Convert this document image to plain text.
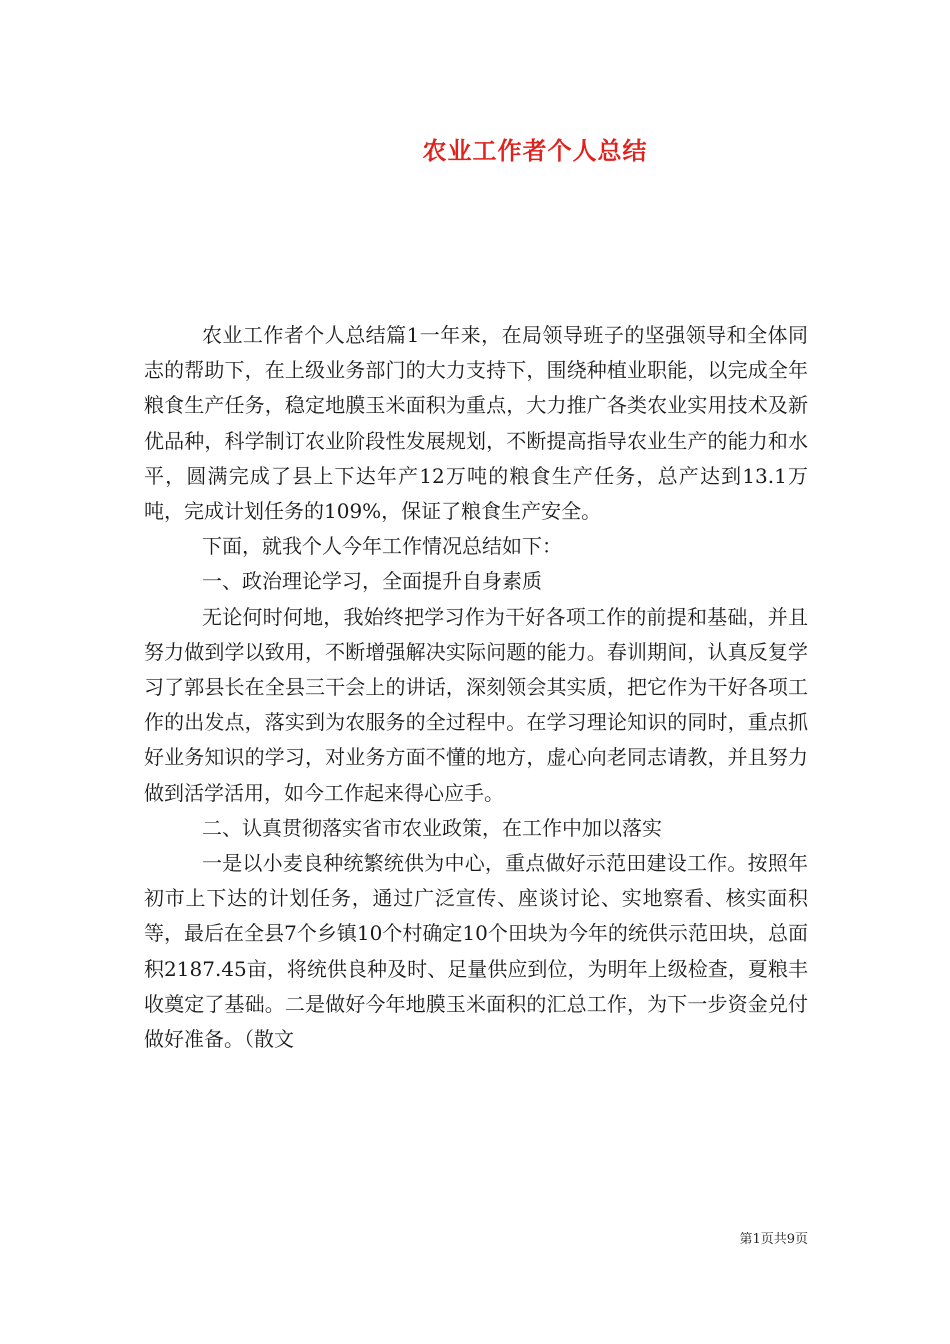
农业工作者个人总结

农业工作者个人总结篇1一年来，在局领导班子的坚强领导和全体同志的帮助下，在上级业务部门的大力支持下，围绕种植业职能，以完成全年粮食生产任务，稳定地膜玉米面积为重点，大力推广各类农业实用技术及新优品种，科学制订农业阶段性发展规划，不断提高指导农业生产的能力和水平，圆满完成了县上下达年产12万吨的粮食生产任务，总产达到13.1万吨，完成计划任务的109%，保证了粮食生产安全。

下面，就我个人今年工作情况总结如下：

一、政治理论学习，全面提升自身素质

无论何时何地，我始终把学习作为干好各项工作的前提和基础，并且努力做到学以致用，不断增强解决实际问题的能力。春训期间，认真反复学习了郭县长在全县三干会上的讲话，深刻领会其实质，把它作为干好各项工作的出发点，落实到为农服务的全过程中。在学习理论知识的同时，重点抓好业务知识的学习，对业务方面不懂的地方，虚心向老同志请教，并且努力做到活学活用，如今工作起来得心应手。

二、认真贯彻落实省市农业政策，在工作中加以落实

一是以小麦良种统繁统供为中心，重点做好示范田建设工作。按照年初市上下达的计划任务，通过广泛宣传、座谈讨论、实地察看、核实面积等，最后在全县7个乡镇10个村确定10个田块为今年的统供示范田块，总面积2187.45亩，将统供良种及时、足量供应到位，为明年上级检查，夏粮丰收奠定了基础。二是做好今年地膜玉米面积的汇总工作，为下一步资金兑付做好准备。（散文

第1页共9页
